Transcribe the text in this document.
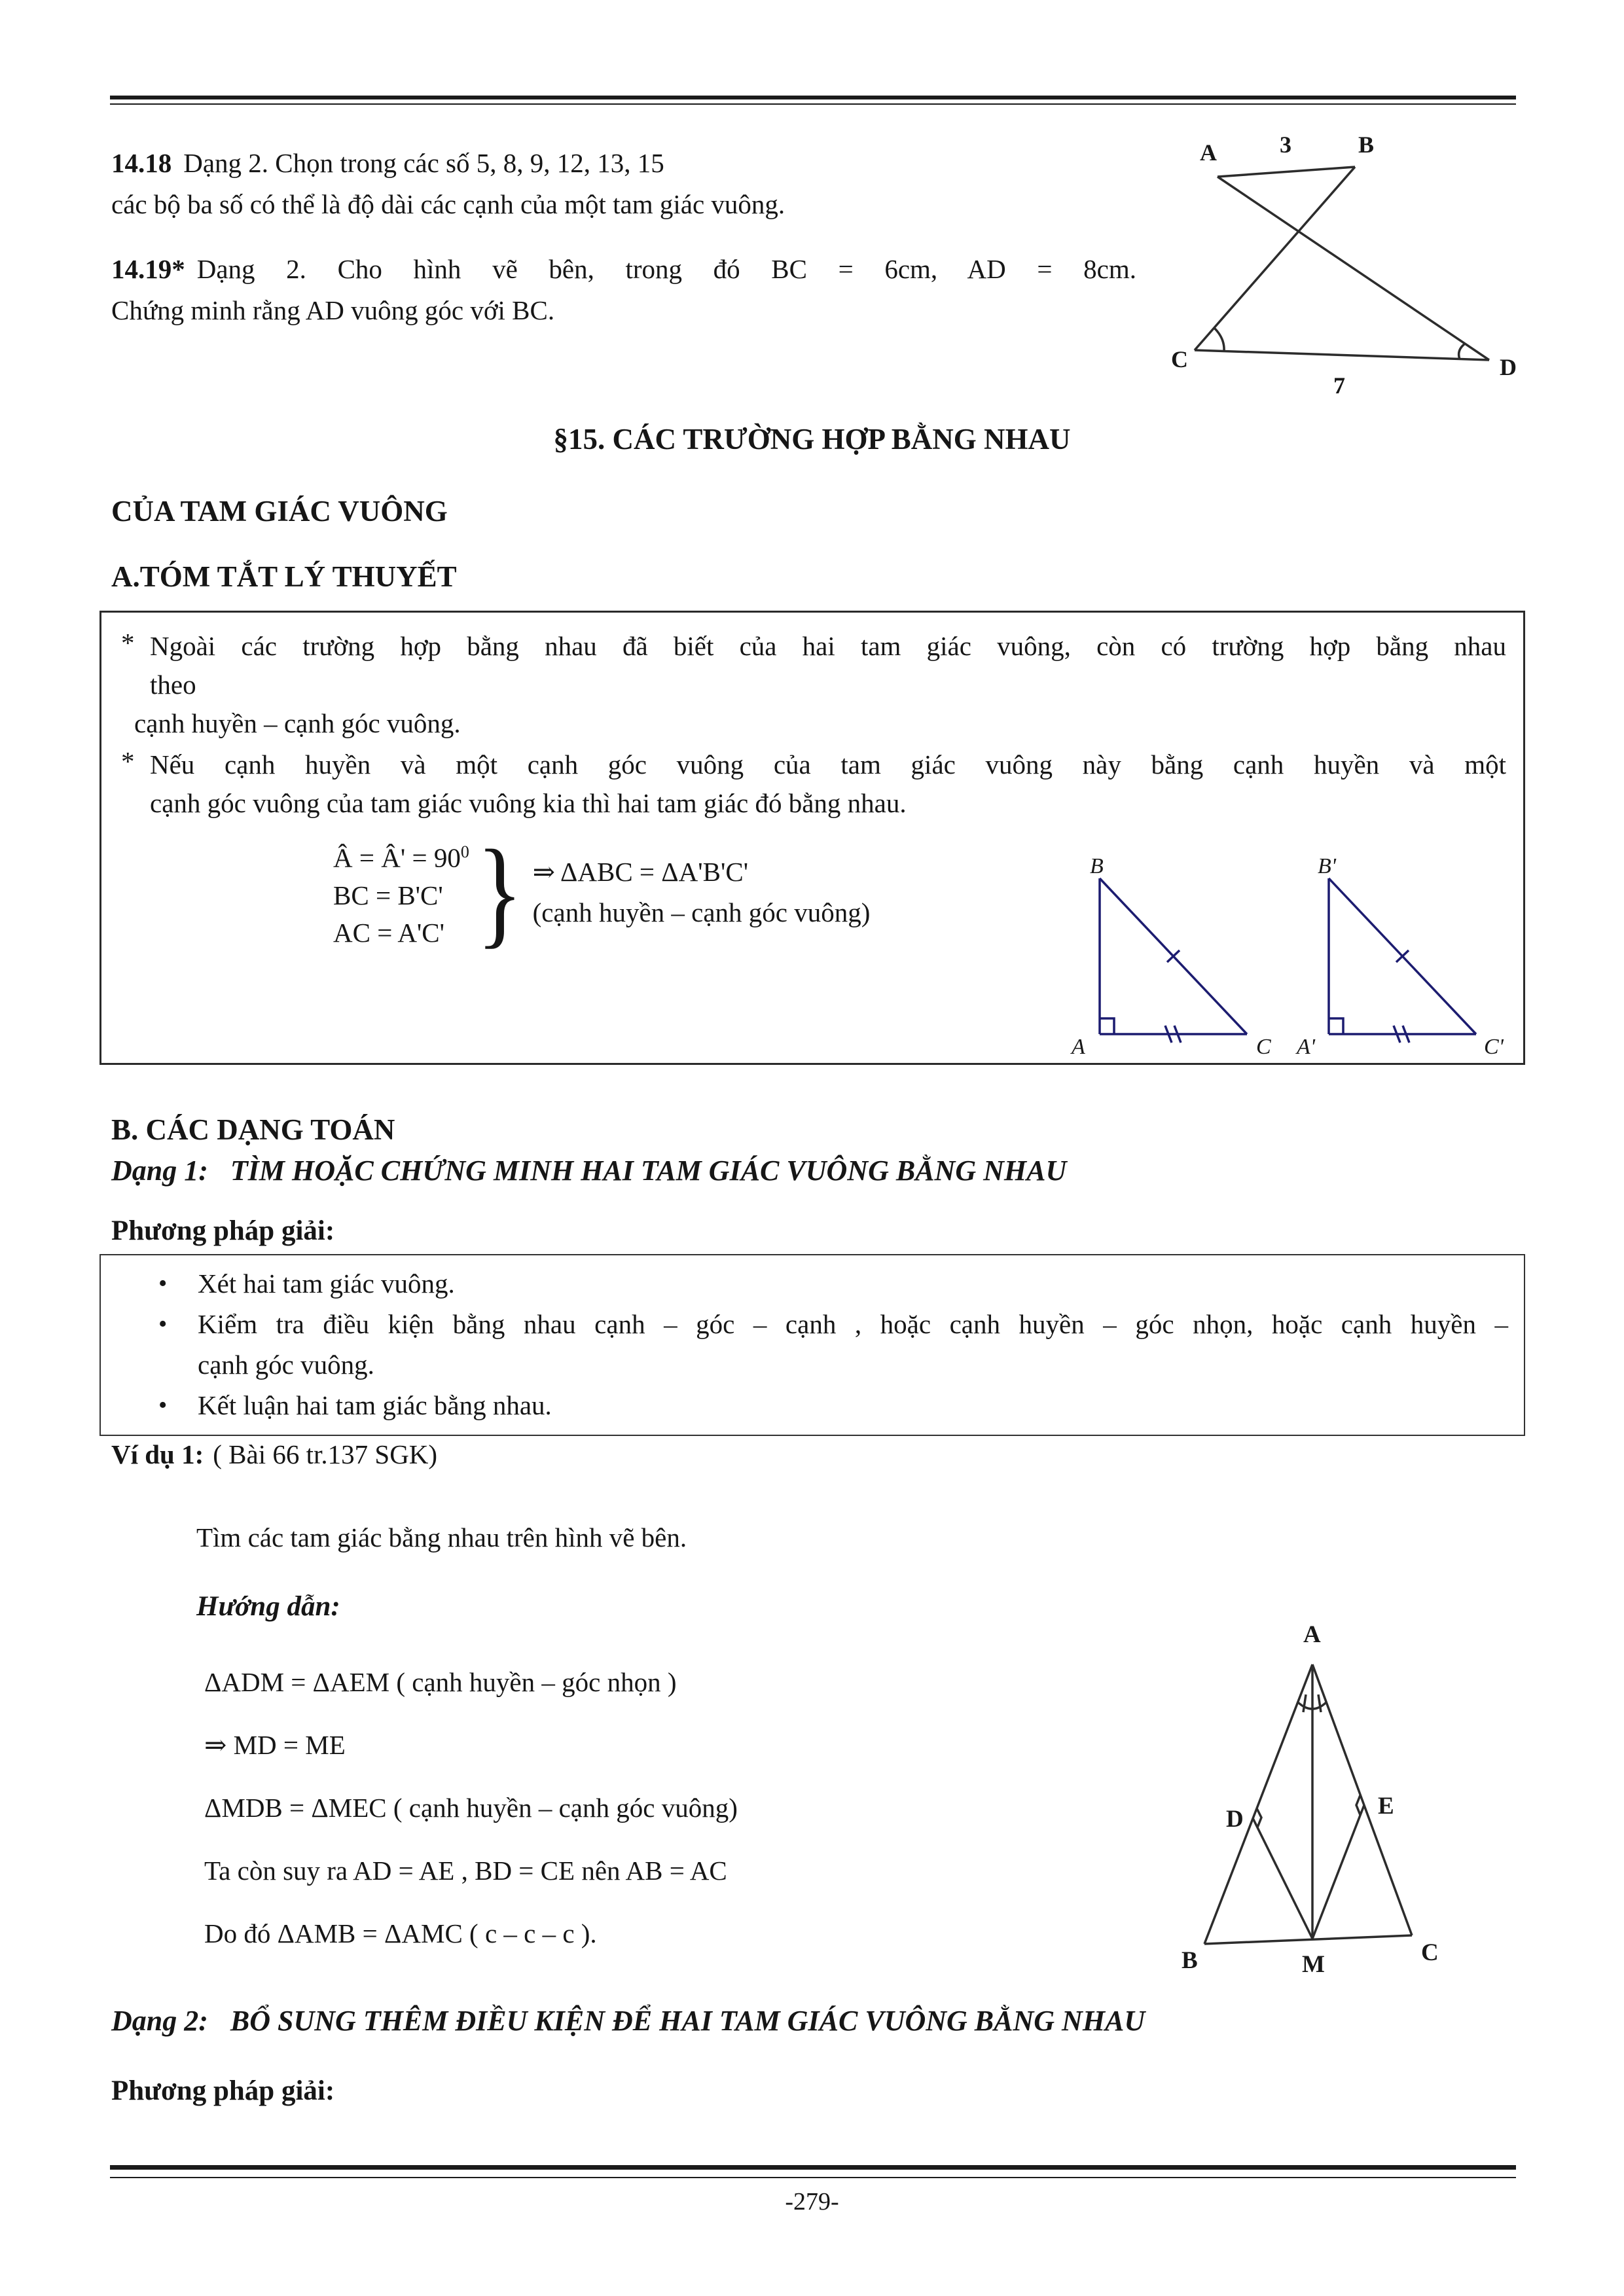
14.18 Dạng 2. Chọn trong các số 5, 8, 9, 12, 13, 15
các bộ ba số có thể là độ dài các cạnh của một tam giác vuông.
14.19* Dạng 2. Cho hình vẽ bên, trong đó BC = 6cm, AD = 8cm.
Chứng minh rằng AD vuông góc với BC.
A	3	B
C	D
7
§15. CÁC TRƯỜNG HỢP BẰNG NHAU
CỦA TAM GIÁC VUÔNG
A.TÓM TẮT LÝ THUYẾT
* Ngoài các trường hợp bằng nhau đã biết của hai tam giác vuông, còn có trường hợp bằng nhau
theo
cạnh huyền – cạnh góc vuông.
* Nếu cạnh huyền và một cạnh góc vuông của tam giác vuông này bằng cạnh huyền và một
cạnh góc vuông của tam giác vuông kia thì hai tam giác đó bằng nhau.
Â = Â' = $90^0$
BC = B'C'
AC = A'C' } ⇒ ΔABC = ΔA'B'C'
(cạnh huyền – cạnh góc vuông)
B
A	C
B'
A'	C'
B. CÁC DẠNG TOÁN
Dạng 1: TÌM HOẶC CHỨNG MINH HAI TAM GIÁC VUÔNG BẰNG NHAU
Phương pháp giải:
•	Xét hai tam giác vuông.
•	Kiểm tra điều kiện bằng nhau cạnh – góc – cạnh , hoặc cạnh huyền – góc nhọn, hoặc cạnh huyền –
cạnh góc vuông.
•	Kết luận hai tam giác bằng nhau.
Ví dụ 1: ( Bài 66 tr.137 SGK)
Tìm các tam giác bằng nhau trên hình vẽ bên.
Hướng dẫn:
ΔADM = ΔAEM ( cạnh huyền – góc nhọn )
⇒ MD = ME
ΔMDB = ΔMEC ( cạnh huyền – cạnh góc vuông)
Ta còn suy ra AD = AE , BD = CE nên AB = AC
Do đó ΔAMB = ΔAMC ( c – c – c ).
A
D	E
B	M	C
Dạng 2: BỔ SUNG THÊM ĐIỀU KIỆN ĐỂ HAI TAM GIÁC VUÔNG BẰNG NHAU
Phương pháp giải:
-279-
